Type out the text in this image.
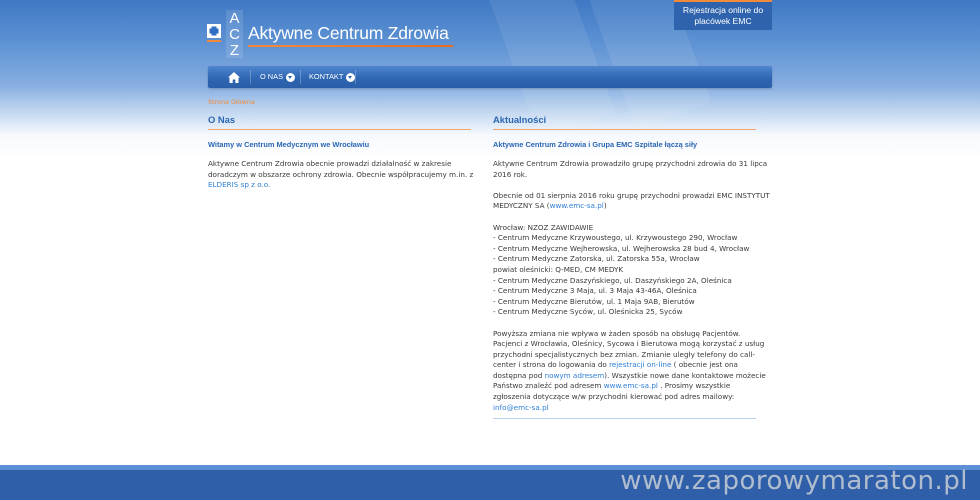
A
C
Z
Aktywne Centrum Zdrowia
Rejestracja online do
placówek EMC
O NAS	KONTAKT
Strona Główna
O Nas
Witamy w Centrum Medycznym we Wrocławiu
Aktywne Centrum Zdrowia obecnie prowadzi działalność w zakresie
doradczym w obszarze ochrony zdrowia. Obecnie współpracujemy m.in. z
ELDERIS sp z o.o.
Aktualności
Aktywne Centrum Zdrowia i Grupa EMC Szpitale łączą siły
Aktywne Centrum Zdrowia prowadziło grupę przychodni zdrowia do 31 lipca
2016 rok.
Obecnie od 01 sierpnia 2016 roku grupę przychodni prowadzi EMC INSTYTUT
MEDYCZNY SA (www.emc-sa.pl)
Wrocław: NZOZ ZAWIDAWIE
- Centrum Medyczne Krzywoustego, ul. Krzywoustego 290, Wrocław
- Centrum Medyczne Wejherowska, ul. Wejherowska 28 bud 4, Wrocław
- Centrum Medyczne Zatorska, ul. Zatorska 55a, Wrocław
powiat oleśnicki: Q-MED, CM MEDYK
- Centrum Medyczne Daszyńskiego, ul. Daszyńskiego 2A, Oleśnica
- Centrum Medyczne 3 Maja, ul. 3 Maja 43-46A, Oleśnica
- Centrum Medyczne Bierutów, ul. 1 Maja 9AB, Bierutów
- Centrum Medyczne Syców, ul. Oleśnicka 25, Syców
Powyższa zmiana nie wpływa w żaden sposób na obsługę Pacjentów.
Pacjenci z Wrocławia, Oleśnicy, Sycowa i Bierutowa mogą korzystać z usług
przychodni specjalistycznych bez zmian. Zmianie uległy telefony do call-
center i strona do logowania do rejestracji on-line ( obecnie jest ona
dostępna pod nowym adresem). Wszystkie nowe dane kontaktowe możecie
Państwo znaleźć pod adresem www.emc-sa.pl . Prosimy wszystkie
zgłoszenia dotyczące w/w przychodni kierować pod adres mailowy:
info@emc-sa.pl
www.zaporowymaraton.pl
